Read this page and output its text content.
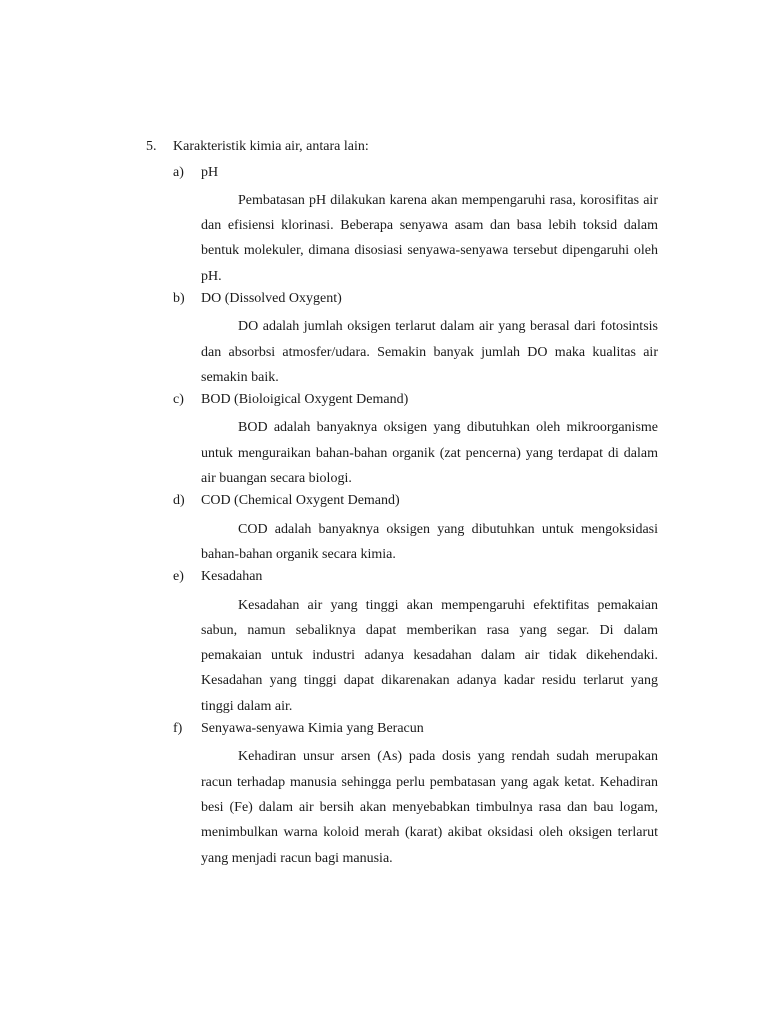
5. Karakteristik kimia air, antara lain:
a) pH

Pembatasan pH dilakukan karena akan mempengaruhi rasa, korosifitas air dan efisiensi klorinasi. Beberapa senyawa asam dan basa lebih toksid dalam bentuk molekuler, dimana disosiasi senyawa-senyawa tersebut dipengaruhi oleh pH.

b) DO (Dissolved Oxygent)

DO adalah jumlah oksigen terlarut dalam air yang berasal dari fotosintsis dan absorbsi atmosfer/udara. Semakin banyak jumlah DO maka kualitas air semakin baik.

c) BOD (Bioloigical Oxygent Demand)

BOD adalah banyaknya oksigen yang dibutuhkan oleh mikroorganisme untuk menguraikan bahan-bahan organik (zat pencerna) yang terdapat di dalam air buangan secara biologi.

d) COD (Chemical Oxygent Demand)

COD adalah banyaknya oksigen yang dibutuhkan untuk mengoksidasi bahan-bahan organik secara kimia.

e) Kesadahan

Kesadahan air yang tinggi akan mempengaruhi efektifitas pemakaian sabun, namun sebaliknya dapat memberikan rasa yang segar. Di dalam pemakaian untuk industri adanya kesadahan dalam air tidak dikehendaki. Kesadahan yang tinggi dapat dikarenakan adanya kadar residu terlarut yang tinggi dalam air.

f) Senyawa-senyawa Kimia yang Beracun

Kehadiran unsur arsen (As) pada dosis yang rendah sudah merupakan racun terhadap manusia sehingga perlu pembatasan yang agak ketat. Kehadiran besi (Fe) dalam air bersih akan menyebabkan timbulnya rasa dan bau logam, menimbulkan warna koloid merah (karat) akibat oksidasi oleh oksigen terlarut yang menjadi racun bagi manusia.
